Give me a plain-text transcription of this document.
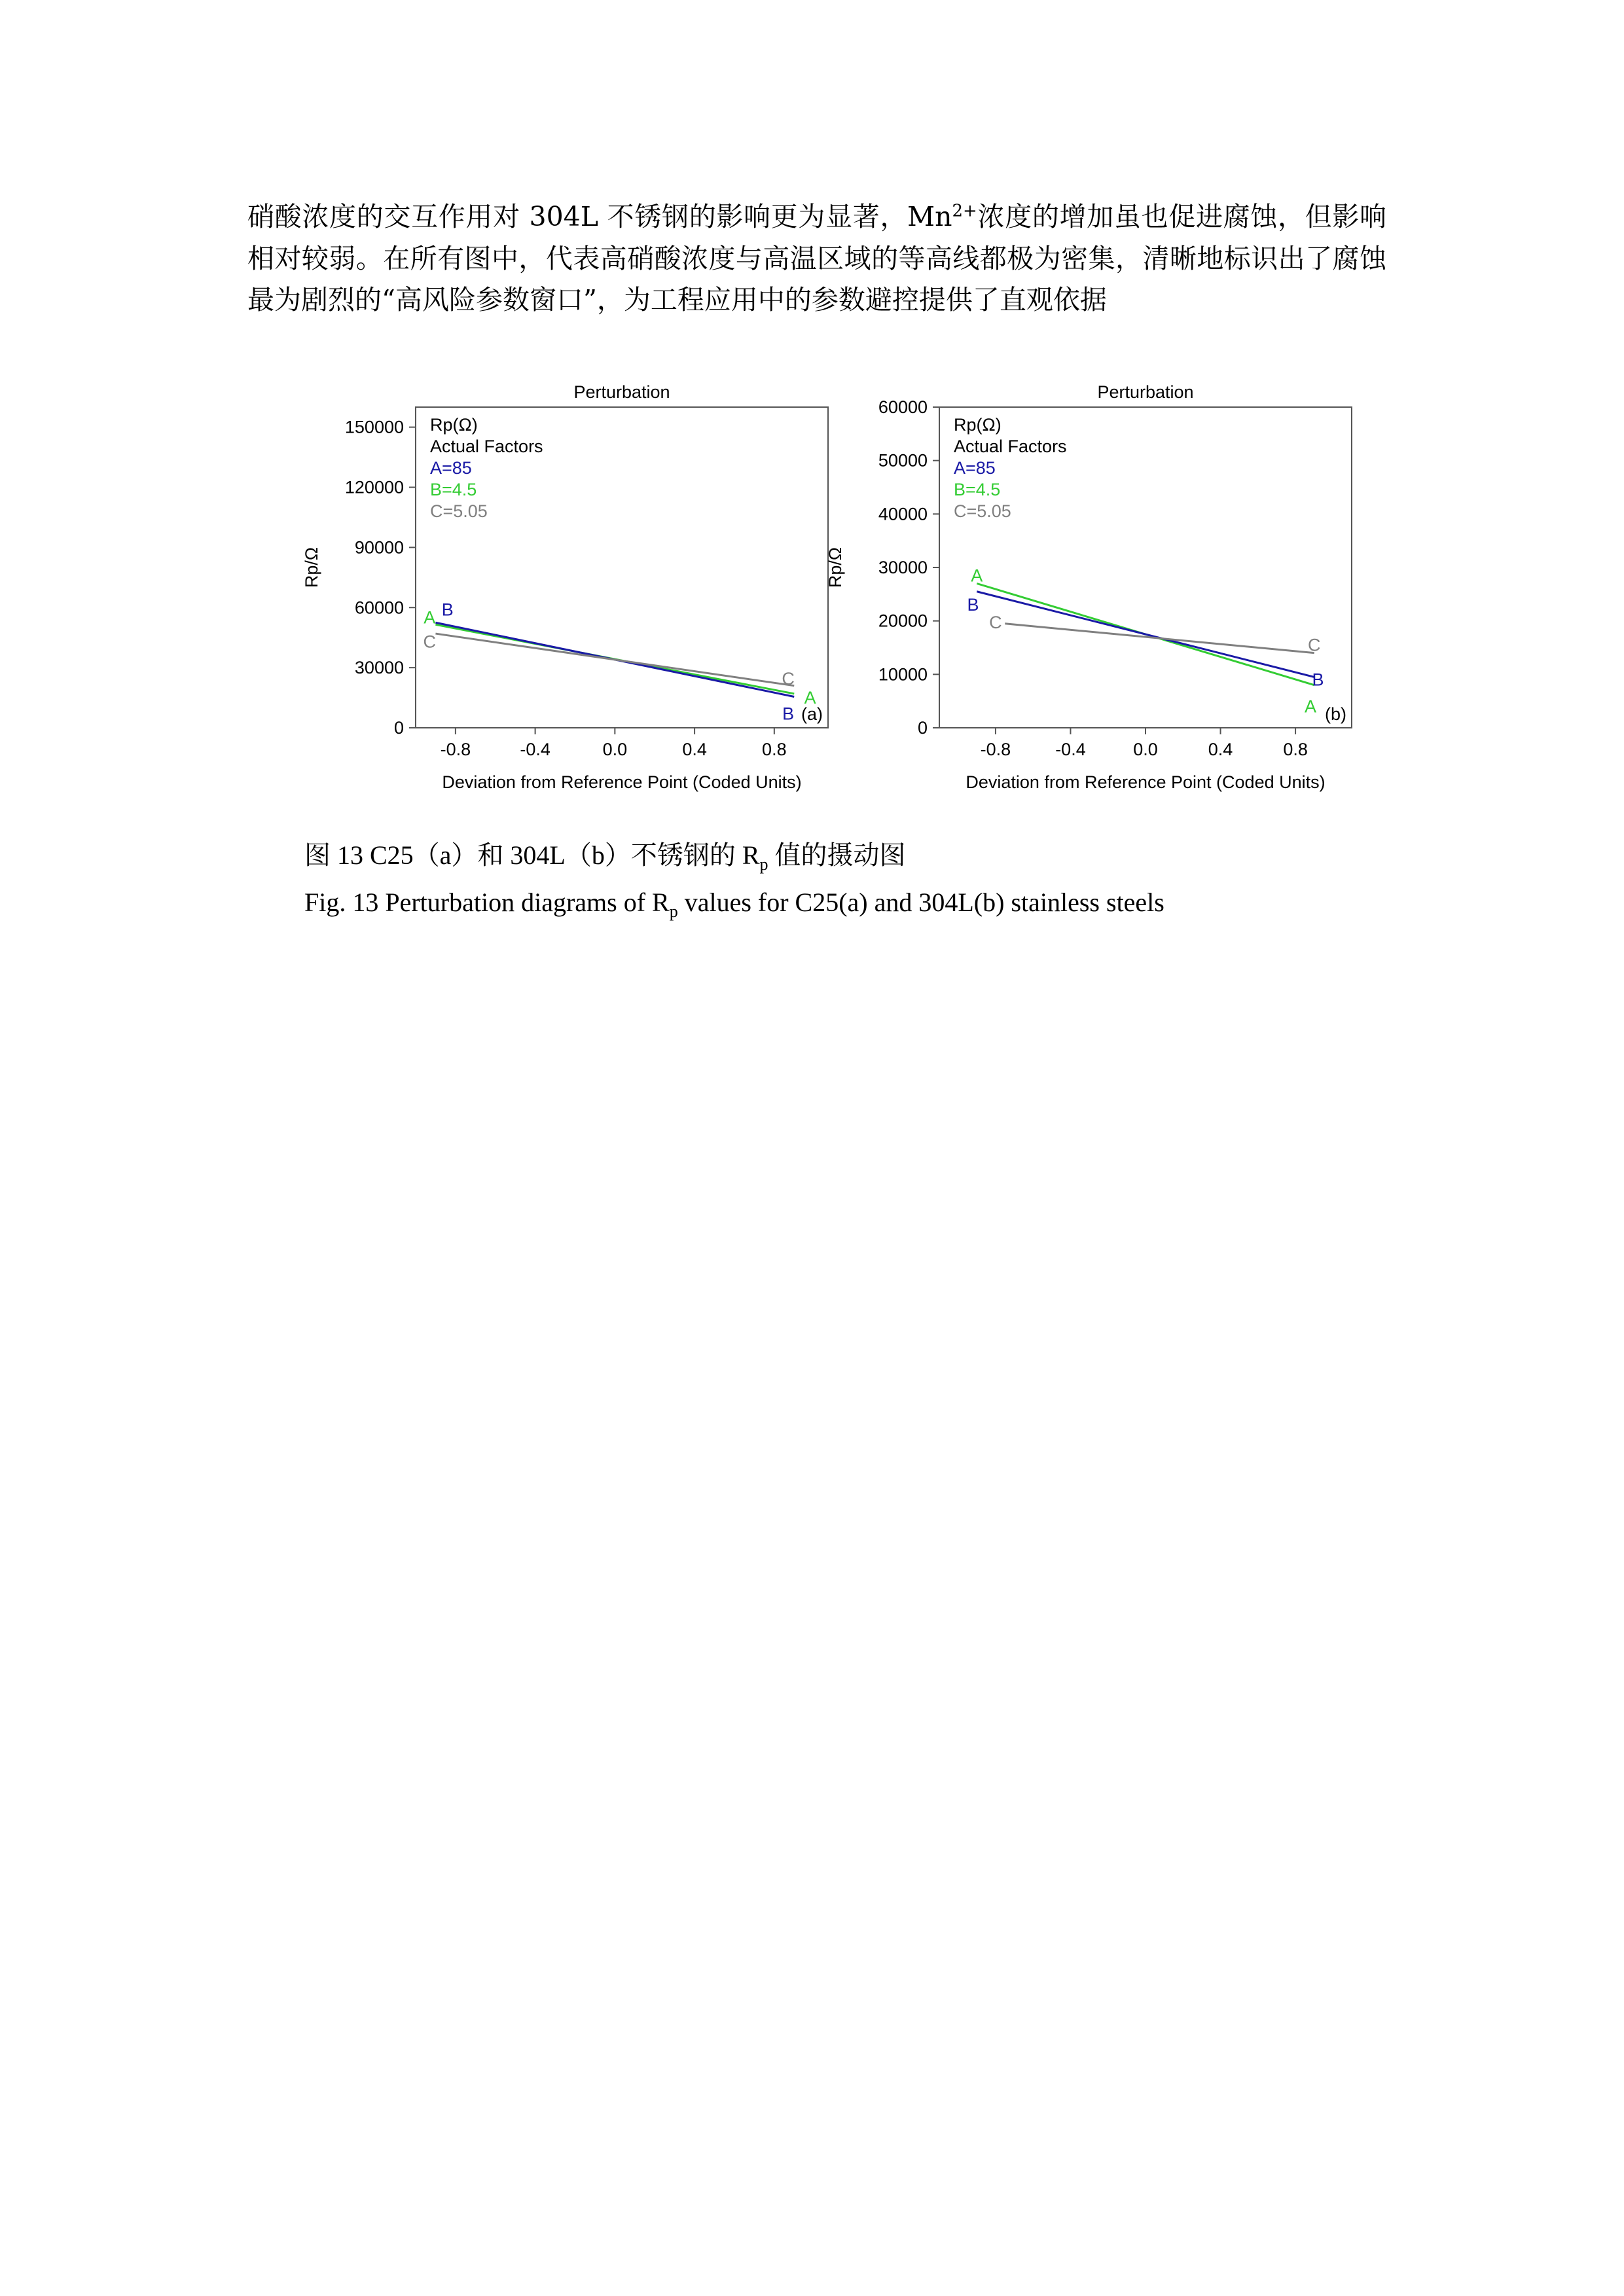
硝酸浓度的交互作用对 304L 不锈钢的影响更为显著，$Mn^{2+}$浓度的增加虽也促进腐蚀，但影响相对较弱。在所有图中，代表高硝酸浓度与高温区域的等高线都极为密集，清晰地标识出了腐蚀最为剧烈的“高风险参数窗口”，为工程应用中的参数避控提供了直观依据
Perturbation
-0.8	-0.4	0.0	0.4	0.8
0
30000
60000
90000
120000
150000
Deviation from Reference Point (Coded Units)
Rp/Ω
Rp(Ω)
Actual Factors
A=85
B=4.5
C=5.05
A B
C
A
B
C
(a)
Perturbation
-0.8	-0.4	0.0	0.4	0.8
0
10000
20000
30000
40000
50000
60000
Deviation from Reference Point (Coded Units)
Rp/Ω
Rp(Ω)
Actual Factors
A=85
B=4.5
C=5.05
A
B
C
C
B
A (b)
图 13 C25（a）和 304L（b）不锈钢的 $R_p$ 值的摄动图
Fig. 13 Perturbation diagrams of $R_p$ values for C25(a) and 304L(b) stainless steels
